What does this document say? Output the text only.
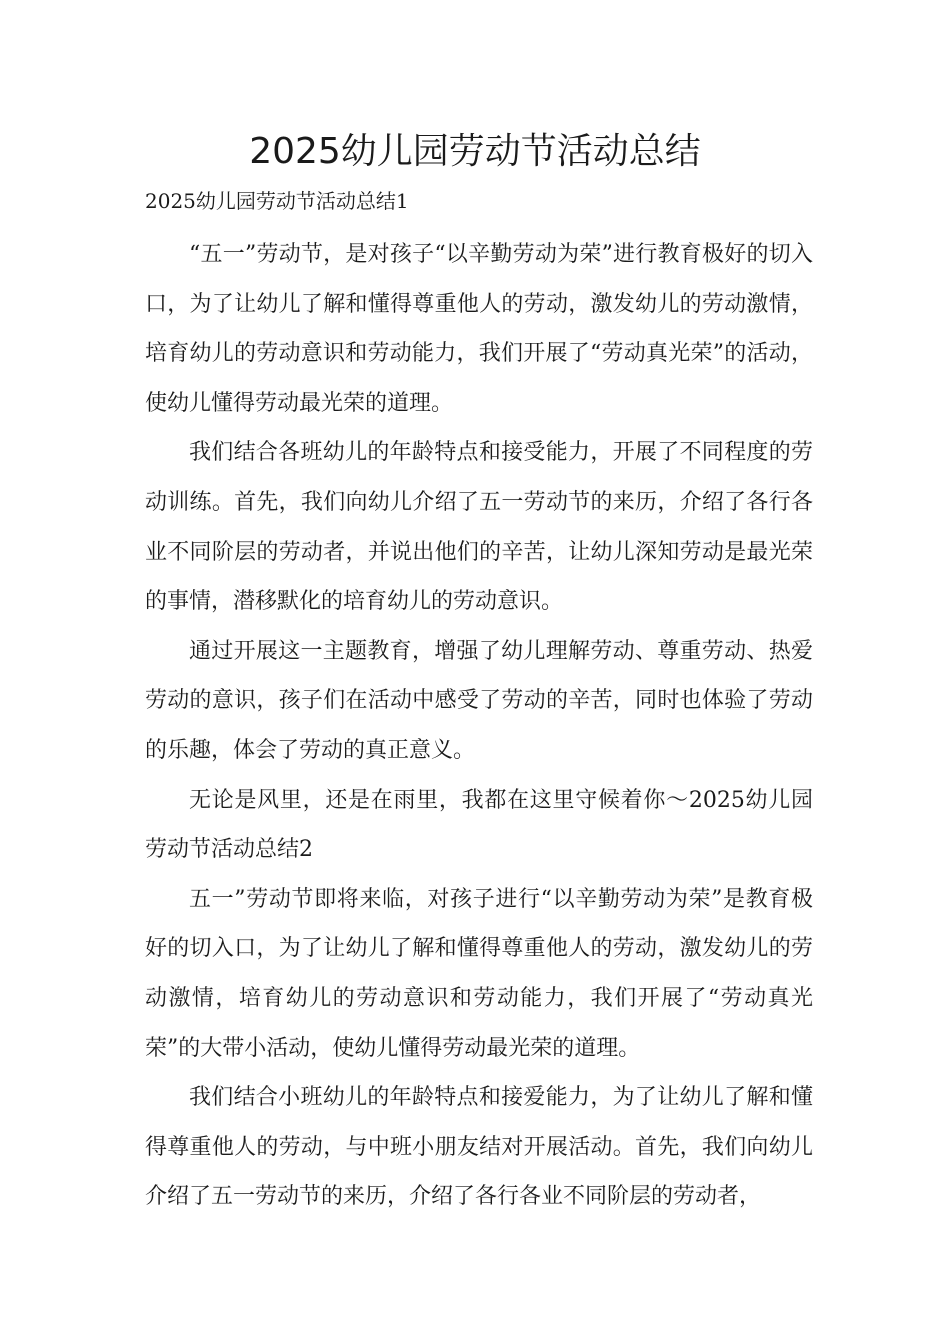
2025幼儿园劳动节活动总结

2025幼儿园劳动节活动总结1

“五一”劳动节，是对孩子“以辛勤劳动为荣”进行教育极好的切入口，为了让幼儿了解和懂得尊重他人的劳动，激发幼儿的劳动激情，培育幼儿的劳动意识和劳动能力，我们开展了“劳动真光荣”的活动，使幼儿懂得劳动最光荣的道理。

我们结合各班幼儿的年龄特点和接受能力，开展了不同程度的劳动训练。首先，我们向幼儿介绍了五一劳动节的来历，介绍了各行各业不同阶层的劳动者，并说出他们的辛苦，让幼儿深知劳动是最光荣的事情，潜移默化的培育幼儿的劳动意识。

通过开展这一主题教育，增强了幼儿理解劳动、尊重劳动、热爱劳动的意识，孩子们在活动中感受了劳动的辛苦，同时也体验了劳动的乐趣，体会了劳动的真正意义。

无论是风里，还是在雨里，我都在这里守候着你～2025幼儿园劳动节活动总结2

五一”劳动节即将来临，对孩子进行“以辛勤劳动为荣”是教育极好的切入口，为了让幼儿了解和懂得尊重他人的劳动，激发幼儿的劳动激情，培育幼儿的劳动意识和劳动能力，我们开展了“劳动真光荣”的大带小活动，使幼儿懂得劳动最光荣的道理。

我们结合小班幼儿的年龄特点和接爱能力，为了让幼儿了解和懂得尊重他人的劳动，与中班小朋友结对开展活动。首先，我们向幼儿介绍了五一劳动节的来历，介绍了各行各业不同阶层的劳动者，
